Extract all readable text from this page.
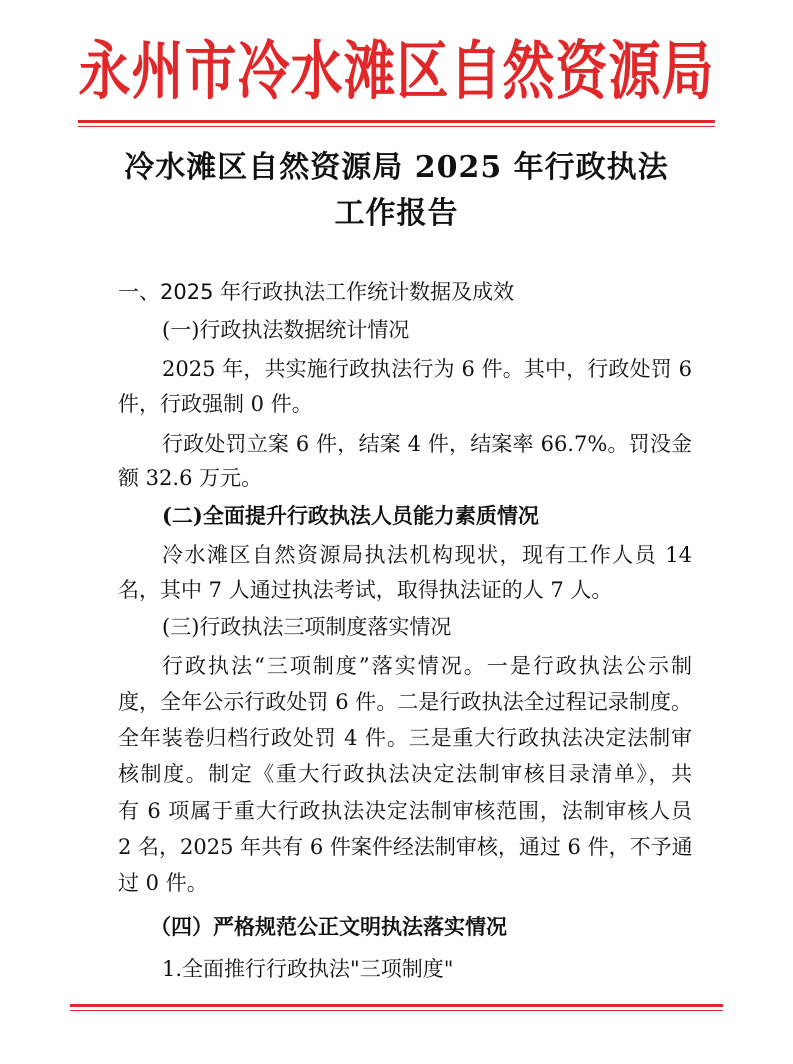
永州市冷水滩区自然资源局
冷水滩区自然资源局 2025 年行政执法
工作报告
一、2025 年行政执法工作统计数据及成效
(一)行政执法数据统计情况
2025 年，共实施行政执法行为 6 件。其中，行政处罚 6
件，行政强制 0 件。
行政处罚立案 6 件，结案 4 件，结案率 66.7%。罚没金
额 32.6 万元。
(二)全面提升行政执法人员能力素质情况
冷水滩区自然资源局执法机构现状，现有工作人员 14
名，其中 7 人通过执法考试，取得执法证的人 7 人。
(三)行政执法三项制度落实情况
行政执法“三项制度”落实情况。一是行政执法公示制
度，全年公示行政处罚 6 件。二是行政执法全过程记录制度。
全年装卷归档行政处罚 4 件。三是重大行政执法决定法制审
核制度。制定《重大行政执法决定法制审核目录清单》，共
有 6 项属于重大行政执法决定法制审核范围，法制审核人员
2 名，2025 年共有 6 件案件经法制审核，通过 6 件，不予通
过 0 件。
（四）严格规范公正文明执法落实情况
1.全面推行行政执法"三项制度"
